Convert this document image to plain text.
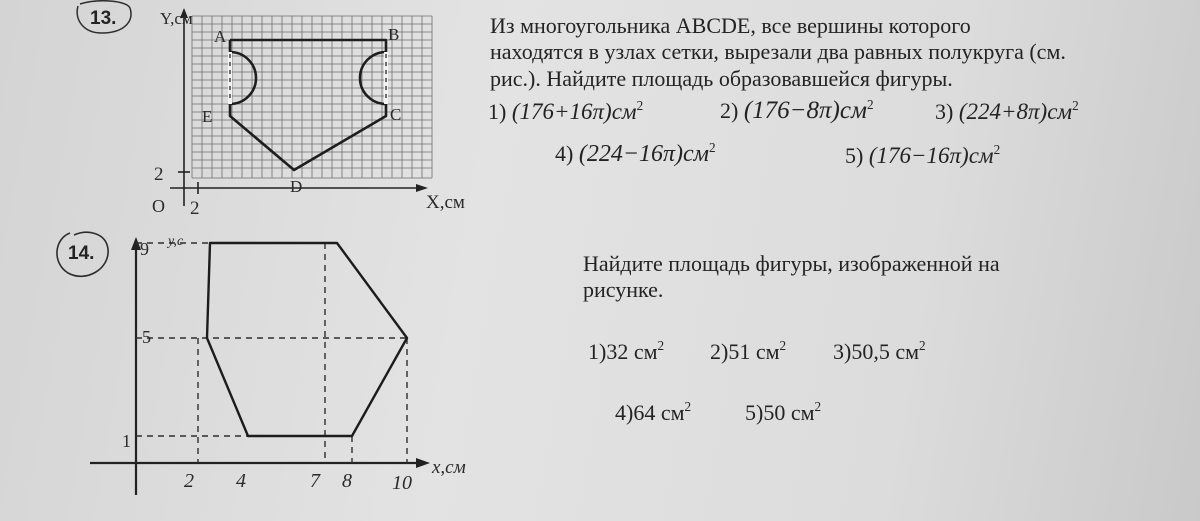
13.	Y,см
X,см
O 2
2
A	B
C
D
E
Из многоугольника ABCDE, все вершины которого
находятся в узлах сетки, вырезали два равных полукруга (см.
рис.). Найдите площадь образовавшейся фигуры.
1) $(176+16\pi)см^2$	2) $(176-8\pi)см^2$	3) $(224+8\pi)см^2$
4) $(224-16\pi)см^2$	5) $(176-16\pi)см^2$
14.	9
5
1
y,c
2 4	7 8 10
x,см
Найдите площадь фигуры, изображенной на
рисунке.
1)32 $см^2$ 2)51 $см^2$ 3)50,5 $см^2$
4)64 $см^2$ 5)50 $см^2$
